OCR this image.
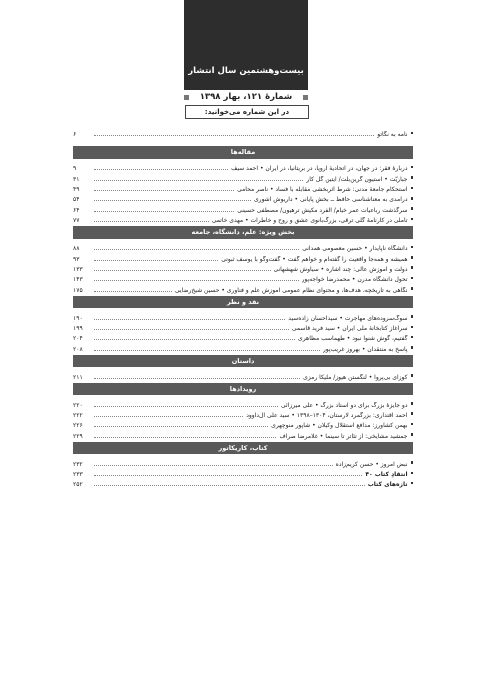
بیست‌وهشتمین سال انتشار
شمارهٔ ۱۲۱، بهار ۱۳۹۸
در این شماره می‌خوانید:
نامه به نگاتو
۶
مقاله‌ها
دربارهٔ فقر: در جهان، در اتحادیهٔ اروپا، در بریتانیا، در ایران • احمد سیف
۹
جباریّت • استیون گرین‌بلت/ آیتین گل کار
۳۱
استحکام جامعهٔ مدنی: شرط اثربخشی مقابله با فساد • ناصر محامی
۴۹
درآمدی به معناشناسی حافظ ــ بخش پایانی • داریوش آشوری
۵۴
سرگذشت رباعیات عمر خیام/ آلفرد مکیش ترهیون/ مصطفی حسینی
۶۴
تأملی در کارنامهٔ گلی ترقی، بزرگ‌بانوی عشق و روح و خاطرات • مهدی خاتمی
۷۷
بخش ویژه: علم، دانشگاه، جامعه
دانشگاه ناپایدار • حسین معصومی همدانی
۸۸
همیشه و همه‌جا واقعیت را گفته‌ام و خواهم گفت • گفت‌وگو با یوسف ثبوتی
۹۳
دولت و آموزش عالی: چند اشاره • سیاوش شهشهانی
۱۳۳
تحول دانشگاه مدرن • محمدرضا خواجه‌پور
۱۴۳
نگاهی به تاریخچه، هدف‌ها، و محتوای نظام عمومی آموزش علم و فناوری • حسین شیخ‌رضایی
۱۷۵
نقد و نظر
سوگ‌سروده‌های مهاجرت • سیداحسان زاده‌سید
۱۹۰
سرآغاز کتابخانهٔ ملی ایران • سید فرید قاسمی
۱۹۹
گفتیم، گوش شنوا نبود • طهماسب مظاهری
۲۰۴
پاسخ به منتقدان • بهروز غریب‌پور
۲۰۸
داستان
کوزای بی‌پروا • لنگستن هیوز/ ملیکا رمزی
۲۱۱
رویدادها
دو جایزهٔ بزرگ برای دو استاد بزرگ • علی میرزائی
۲۲۰
احمد اقتداری: بزرگمرد لارستان، ۱۳۰۴–۱۳۹۸ • سید علی آل‌داوود
۲۲۲
بهمن کشاورز: مدافع استقلال وکیلان • شاپور منوچهری
۲۲۶
جمشید مشایخی: از تئاتر تا سینما • غلامرضا صراف
۲۲۹
کتاب، کاریکاتور
نبض امروز • حسن کریم‌زاده
۲۳۲
انتقادِ کتاب ۴۰
۲۳۳
تازه‌های کتاب
۲۵۲
